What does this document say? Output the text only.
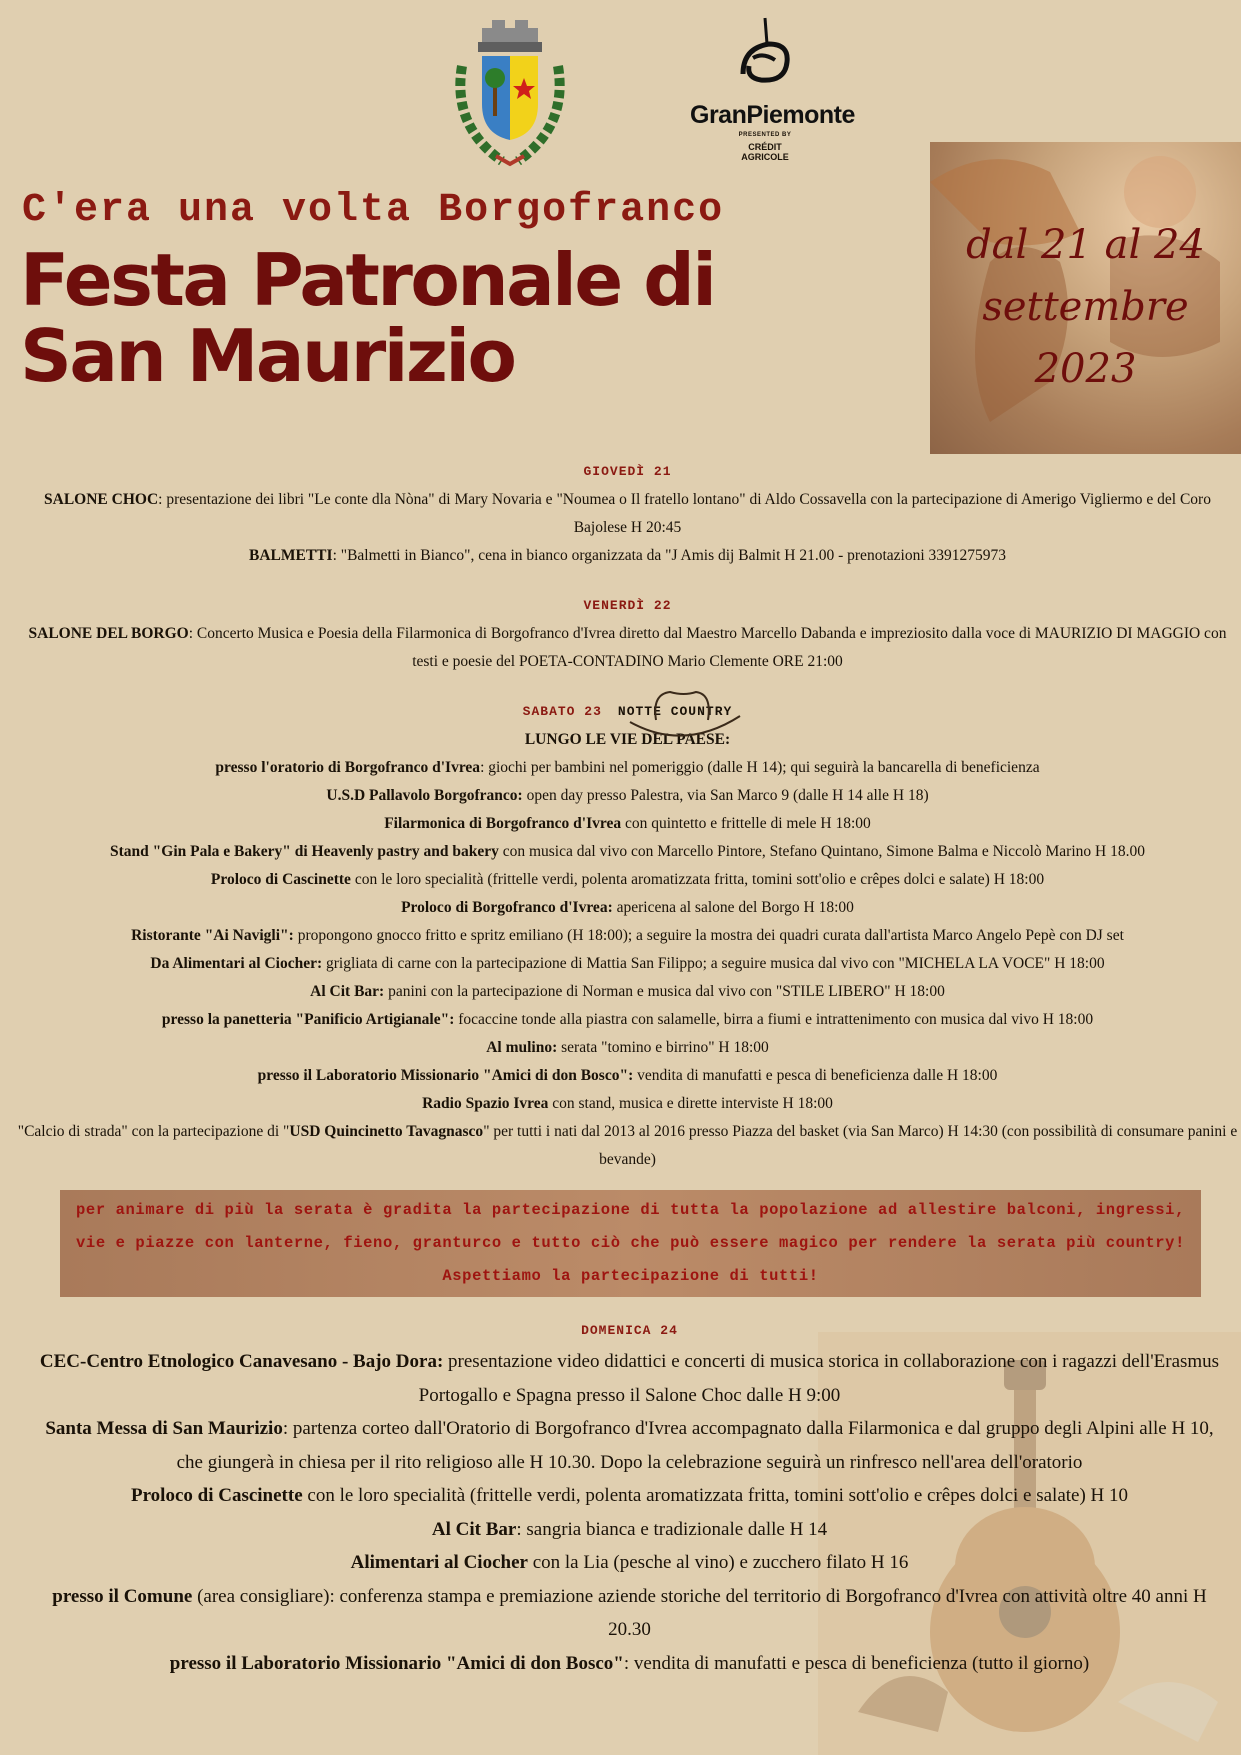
GranPiemonte
PRESENTED BY
CRÉDIT
AGRICOLE
C'era una volta Borgofranco
Festa Patronale di
San Maurizio
dal 21 al 24
settembre
2023
GIOVEDÌ 21
SALONE CHOC: presentazione dei libri "Le conte dla Nòna" di Mary Novaria e "Noumea o Il fratello lontano" di Aldo Cossavella con la partecipazione di Amerigo Vigliermo e del Coro Bajolese H 20:45
BALMETTI: "Balmetti in Bianco", cena in bianco organizzata da "J Amis dij Balmit H 21.00 - prenotazioni 3391275973
VENERDÌ 22
SALONE DEL BORGO: Concerto Musica e Poesia della Filarmonica di Borgofranco d'Ivrea diretto dal Maestro Marcello Dabanda e impreziosito dalla voce di MAURIZIO DI MAGGIO con testi e poesie del POETA-CONTADINO Mario Clemente ORE 21:00
SABATO 23 NOTTE COUNTRY
LUNGO LE VIE DEL PAESE:
presso l'oratorio di Borgofranco d'Ivrea: giochi per bambini nel pomeriggio (dalle H 14); qui seguirà la bancarella di beneficienza
U.S.D Pallavolo Borgofranco: open day presso Palestra, via San Marco 9 (dalle H 14 alle H 18)
Filarmonica di Borgofranco d'Ivrea con quintetto e frittelle di mele H 18:00
Stand "Gin Pala e Bakery" di Heavenly pastry and bakery con musica dal vivo con Marcello Pintore, Stefano Quintano, Simone Balma e Niccolò Marino H 18.00
Proloco di Cascinette con le loro specialità (frittelle verdi, polenta aromatizzata fritta, tomini sott'olio e crêpes dolci e salate) H 18:00
Proloco di Borgofranco d'Ivrea: apericena al salone del Borgo H 18:00
Ristorante "Ai Navigli": propongono gnocco fritto e spritz emiliano (H 18:00); a seguire la mostra dei quadri curata dall'artista Marco Angelo Pepè con DJ set
Da Alimentari al Ciocher: grigliata di carne con la partecipazione di Mattia San Filippo; a seguire musica dal vivo con "MICHELA LA VOCE" H 18:00
Al Cit Bar: panini con la partecipazione di Norman e musica dal vivo con "STILE LIBERO" H 18:00
presso la panetteria "Panificio Artigianale": focaccine tonde alla piastra con salamelle, birra a fiumi e intrattenimento con musica dal vivo H 18:00
Al mulino: serata "tomino e birrino" H 18:00
presso il Laboratorio Missionario "Amici di don Bosco": vendita di manufatti e pesca di beneficienza dalle H 18:00
Radio Spazio Ivrea con stand, musica e dirette interviste H 18:00
"Calcio di strada" con la partecipazione di "USD Quincinetto Tavagnasco" per tutti i nati dal 2013 al 2016 presso Piazza del basket (via San Marco) H 14:30 (con possibilità di consumare panini e bevande)
per animare di più la serata è gradita la partecipazione di tutta la popolazione ad allestire balconi, ingressi, vie e piazze con lanterne, fieno, granturco e tutto ciò che può essere magico per rendere la serata più country! Aspettiamo la partecipazione di tutti!
DOMENICA 24
CEC-Centro Etnologico Canavesano - Bajo Dora: presentazione video didattici e concerti di musica storica in collaborazione con i ragazzi dell'Erasmus Portogallo e Spagna presso il Salone Choc dalle H 9:00
Santa Messa di San Maurizio: partenza corteo dall'Oratorio di Borgofranco d'Ivrea accompagnato dalla Filarmonica e dal gruppo degli Alpini alle H 10, che giungerà in chiesa per il rito religioso alle H 10.30. Dopo la celebrazione seguirà un rinfresco nell'area dell'oratorio
Proloco di Cascinette con le loro specialità (frittelle verdi, polenta aromatizzata fritta, tomini sott'olio e crêpes dolci e salate) H 10
Al Cit Bar: sangria bianca e tradizionale dalle H 14
Alimentari al Ciocher con la Lia (pesche al vino) e zucchero filato H 16
presso il Comune (area consigliare): conferenza stampa e premiazione aziende storiche del territorio di Borgofranco d'Ivrea con attività oltre 40 anni H 20.30
presso il Laboratorio Missionario "Amici di don Bosco": vendita di manufatti e pesca di beneficienza (tutto il giorno)
